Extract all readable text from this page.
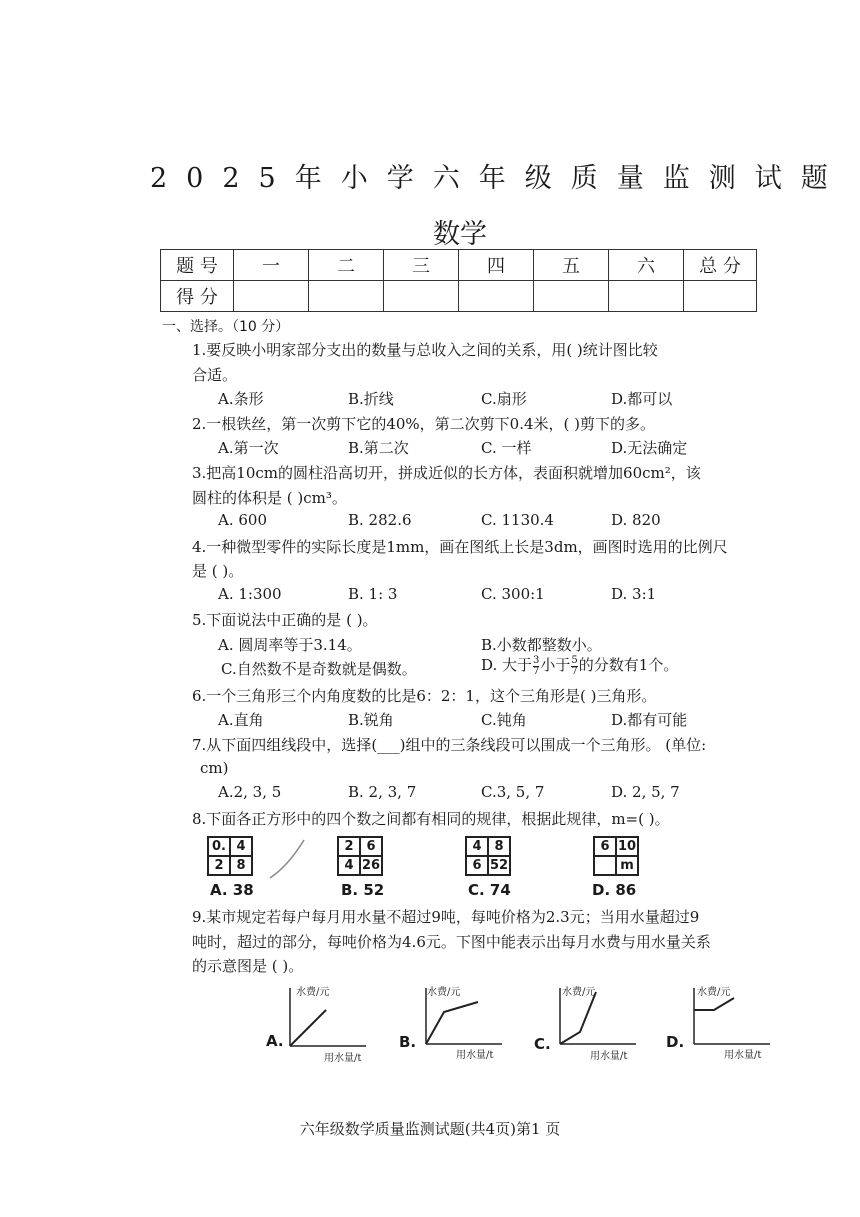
2025年小学六年级质量监测试题
数学
题 号	一	二	三	四	五	六	总 分
得 分							
一、选择。（10 分）
1.要反映小明家部分支出的数量与总收入之间的关系，用( )统计图比较
合适。
A.条形	B.折线	C.扇形	D.都可以
2.一根铁丝，第一次剪下它的40%，第二次剪下0.4米，( )剪下的多。
A.第一次	B.第二次	C. 一样	D.无法确定
3.把高10cm的圆柱沿高切开，拼成近似的长方体，表面积就增加60cm²，该
圆柱的体积是 ( )cm³。
A. 600	B. 282.6	C. 1130.4	D. 820
4.一种微型零件的实际长度是1mm，画在图纸上长是3dm，画图时选用的比例尺
是 ( )。
A. 1:300	B. 1: 3	C. 300:1	D. 3:1
5.下面说法中正确的是 ( )。
A. 圆周率等于3.14。	B.小数都整数小。
C.自然数不是奇数就是偶数。	D. 大于 $\frac{3}{7}$ 小于 $\frac{5}{7}$ 的分数有1个。
6.一个三角形三个内角度数的比是6：2：1，这个三角形是( )三角形。
A.直角	B.锐角	C.钝角	D.都有可能
7.从下面四组线段中，选择(___)组中的三条线段可以围成一个三角形。 (单位:
cm)
A.2, 3, 5	B. 2, 3, 7	C.3, 5, 7	D. 2, 5, 7
8.下面各正方形中的四个数之间都有相同的规律，根据此规律，m=( )。
0.	4
2	8
A. 38
2	6
4	26
B. 52
4	8
6	52
C. 74
6	10
	m
D. 86
9.某市规定若每户每月用水量不超过9吨，每吨价格为2.3元；当用水量超过9
吨时，超过的部分，每吨价格为4.6元。下图中能表示出每月水费与用水量关系
的示意图是 ( )。
A.
水费/元
用水量/t
B.
水费/元
用水量/t
C.
水费/元
用水量/t
D.
水费/元
用水量/t
六年级数学质量监测试题(共4页)第1 页
